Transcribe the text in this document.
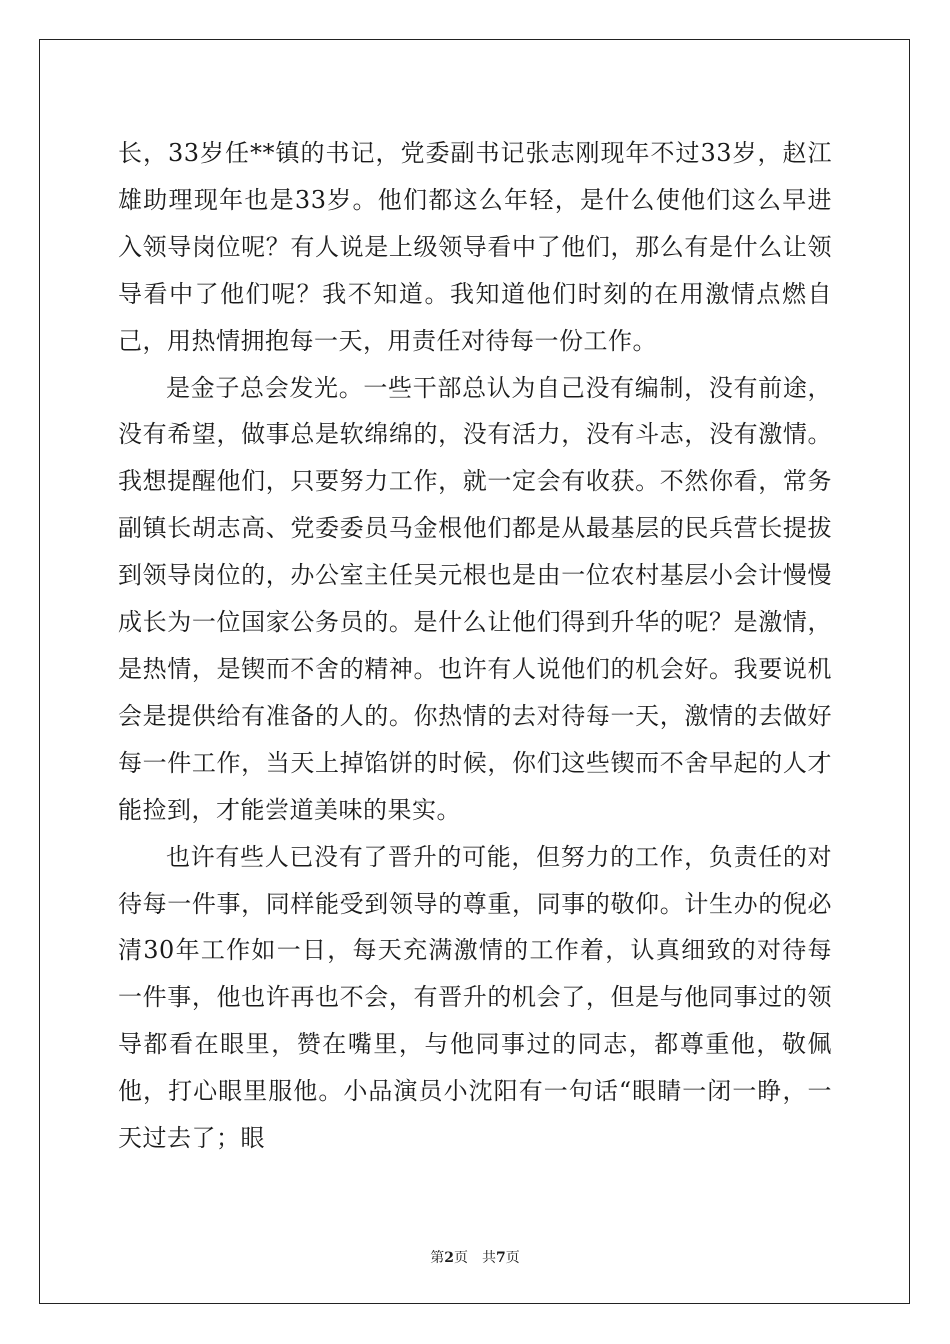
长，33岁任**镇的书记，党委副书记张志刚现年不过33岁，赵江雄助理现年也是33岁。他们都这么年轻，是什么使他们这么早进入领导岗位呢？有人说是上级领导看中了他们，那么有是什么让领导看中了他们呢？我不知道。我知道他们时刻的在用激情点燃自己，用热情拥抱每一天，用责任对待每一份工作。

是金子总会发光。一些干部总认为自己没有编制，没有前途，没有希望，做事总是软绵绵的，没有活力，没有斗志，没有激情。我想提醒他们，只要努力工作，就一定会有收获。不然你看，常务副镇长胡志高、党委委员马金根他们都是从最基层的民兵营长提拔到领导岗位的，办公室主任吴元根也是由一位农村基层小会计慢慢成长为一位国家公务员的。是什么让他们得到升华的呢？是激情，是热情，是锲而不舍的精神。也许有人说他们的机会好。我要说机会是提供给有准备的人的。你热情的去对待每一天，激情的去做好每一件工作，当天上掉馅饼的时候，你们这些锲而不舍早起的人才能捡到，才能尝道美味的果实。

也许有些人已没有了晋升的可能，但努力的工作，负责任的对待每一件事，同样能受到领导的尊重，同事的敬仰。计生办的倪必清30年工作如一日，每天充满激情的工作着，认真细致的对待每一件事，他也许再也不会，有晋升的机会了，但是与他同事过的领导都看在眼里，赞在嘴里，与他同事过的同志，都尊重他，敬佩他，打心眼里服他。小品演员小沈阳有一句话“眼睛一闭一睁，一天过去了；眼

第2页 共7页
